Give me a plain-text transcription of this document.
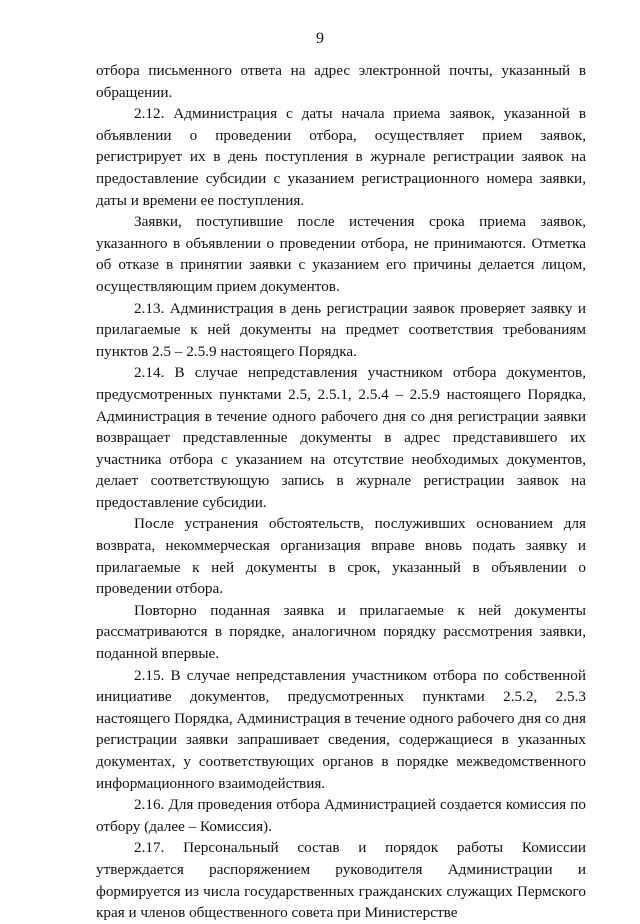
9

отбора письменного ответа на адрес электронной почты, указанный в обращении.

2.12. Администрация с даты начала приема заявок, указанной в объявлении о проведении отбора, осуществляет прием заявок, регистрирует их в день поступления в журнале регистрации заявок на предоставление субсидии с указанием регистрационного номера заявки, даты и времени ее поступления.

Заявки, поступившие после истечения срока приема заявок, указанного в объявлении о проведении отбора, не принимаются. Отметка об отказе в принятии заявки с указанием его причины делается лицом, осуществляющим прием документов.

2.13. Администрация в день регистрации заявок проверяет заявку и прилагаемые к ней документы на предмет соответствия требованиям пунктов 2.5 – 2.5.9 настоящего Порядка.

2.14. В случае непредставления участником отбора документов, предусмотренных пунктами 2.5, 2.5.1, 2.5.4 – 2.5.9 настоящего Порядка, Администрация в течение одного рабочего дня со дня регистрации заявки возвращает представленные документы в адрес представившего их участника отбора с указанием на отсутствие необходимых документов, делает соответствующую запись в журнале регистрации заявок на предоставление субсидии.

После устранения обстоятельств, послуживших основанием для возврата, некоммерческая организация вправе вновь подать заявку и прилагаемые к ней документы в срок, указанный в объявлении о проведении отбора.

Повторно поданная заявка и прилагаемые к ней документы рассматриваются в порядке, аналогичном порядку рассмотрения заявки, поданной впервые.

2.15. В случае непредставления участником отбора по собственной инициативе документов, предусмотренных пунктами 2.5.2, 2.5.3 настоящего Порядка, Администрация в течение одного рабочего дня со дня регистрации заявки запрашивает сведения, содержащиеся в указанных документах, у соответствующих органов в порядке межведомственного информационного взаимодействия.

2.16. Для проведения отбора Администрацией создается комиссия по отбору (далее – Комиссия).

2.17. Персональный состав и порядок работы Комиссии утверждается распоряжением руководителя Администрации и формируется из числа государственных гражданских служащих Пермского края и членов общественного совета при Министерстве
